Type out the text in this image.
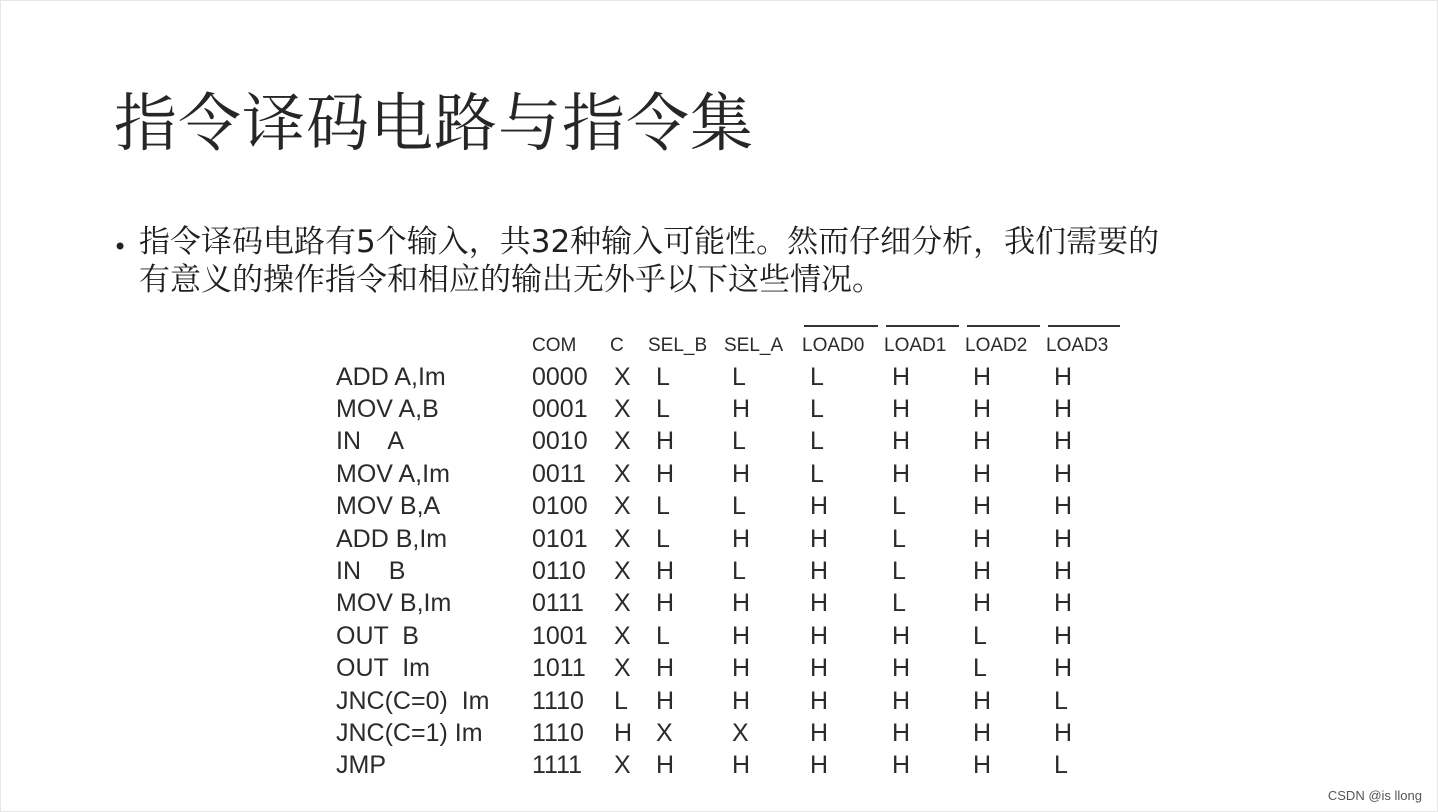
指令译码电路与指令集
• 指令译码电路有5个输入，共32种输入可能性。然而仔细分析，我们需要的
有意义的操作指令和相应的输出无外乎以下这些情况。
	COM	C	SEL_B	SEL_A	LOAD0	LOAD1	LOAD2	LOAD3
ADD A,Im	0000	X	L	L	L	H	H	H
MOV A,B	0001	X	L	H	L	H	H	H
IN    A	0010	X	H	L	L	H	H	H
MOV A,Im	0011	X	H	H	L	H	H	H
MOV B,A	0100	X	L	L	H	L	H	H
ADD B,Im	0101	X	L	H	H	L	H	H
IN    B	0110	X	H	L	H	L	H	H
MOV B,Im	0111	X	H	H	H	L	H	H
OUT  B	1001	X	L	H	H	H	L	H
OUT  Im	1011	X	H	H	H	H	L	H
JNC(C=0)  Im	1110	L	H	H	H	H	H	L
JNC(C=1) Im	1110	H	X	X	H	H	H	H
JMP	1111	X	H	H	H	H	H	L
CSDN @is llong
